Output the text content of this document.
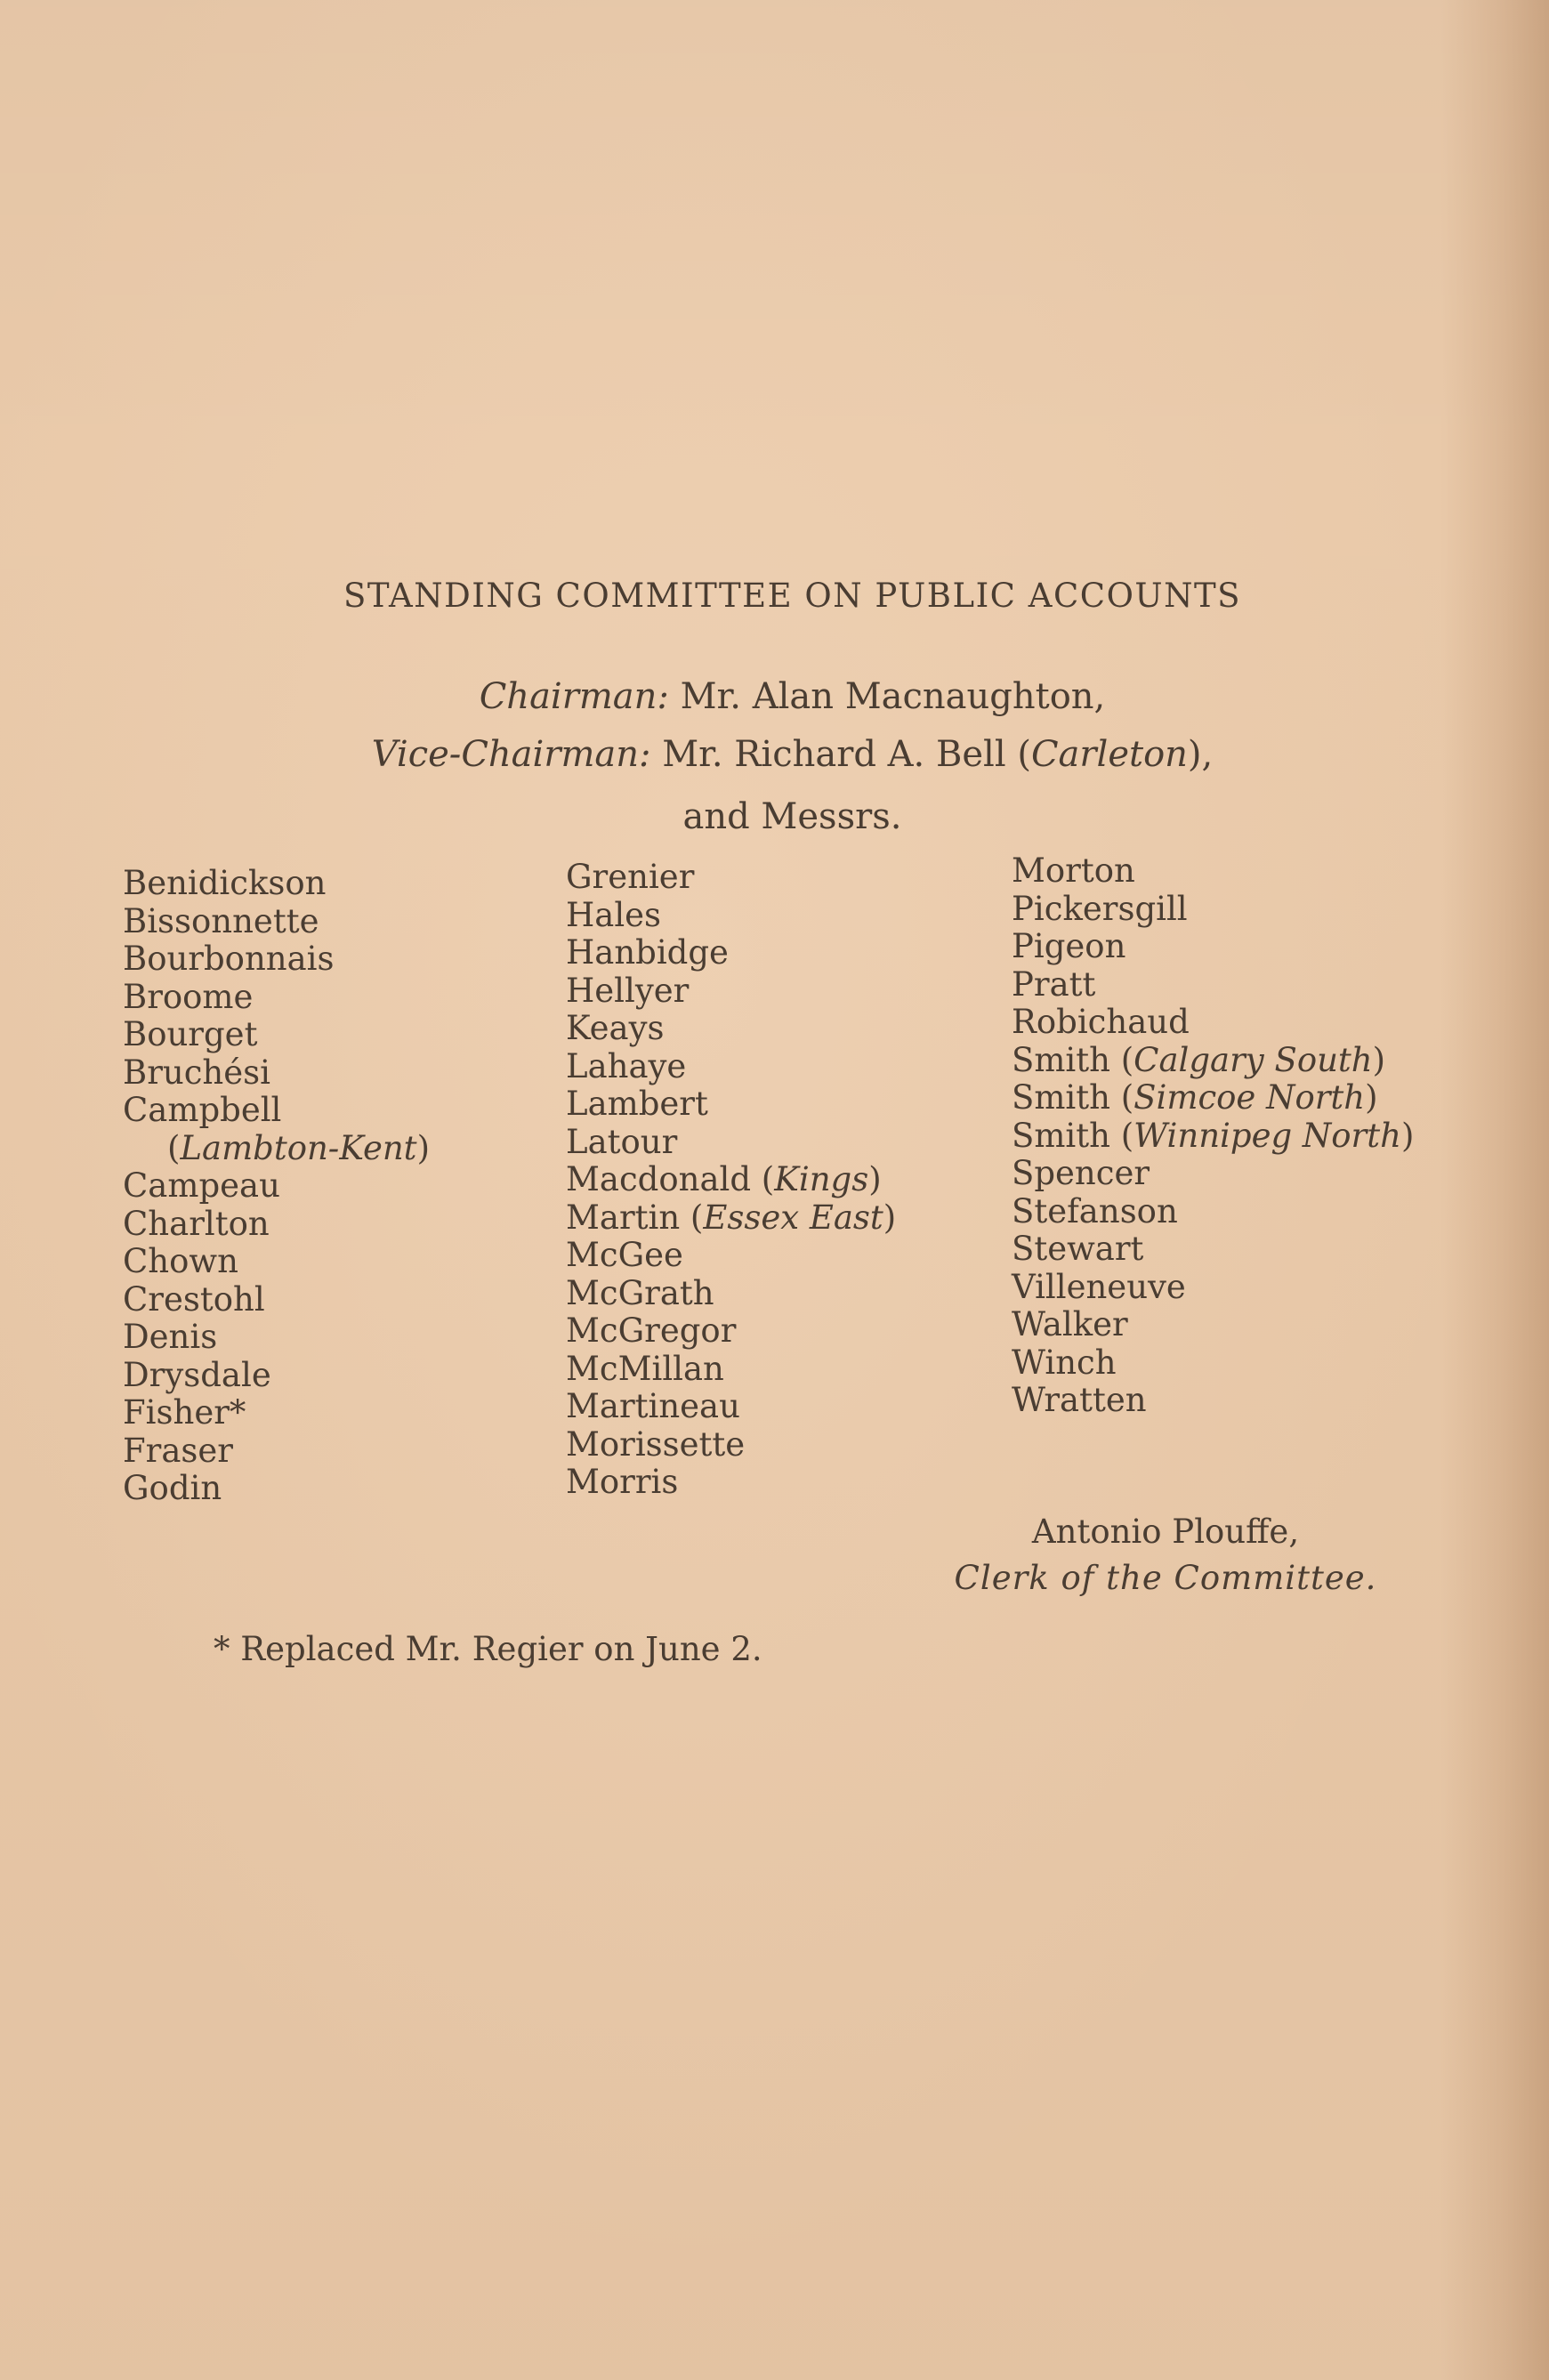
STANDING COMMITTEE ON PUBLIC ACCOUNTS
Chairman: Mr. Alan Macnaughton,
Vice-Chairman: Mr. Richard A. Bell (Carleton),
and Messrs.
Benidickson
Bissonnette
Bourbonnais
Broome
Bourget
Bruchési
Campbell
(Lambton-Kent)
Campeau
Charlton
Chown
Crestohl
Denis
Drysdale
Fisher*
Fraser
Godin
Grenier
Hales
Hanbidge
Hellyer
Keays
Lahaye
Lambert
Latour
Macdonald (Kings)
Martin (Essex East)
McGee
McGrath
McGregor
McMillan
Martineau
Morissette
Morris
Morton
Pickersgill
Pigeon
Pratt
Robichaud
Smith (Calgary South)
Smith (Simcoe North)
Smith (Winnipeg North)
Spencer
Stefanson
Stewart
Villeneuve
Walker
Winch
Wratten
Antonio Plouffe,
Clerk of the Committee.
* Replaced Mr. Regier on June 2.
